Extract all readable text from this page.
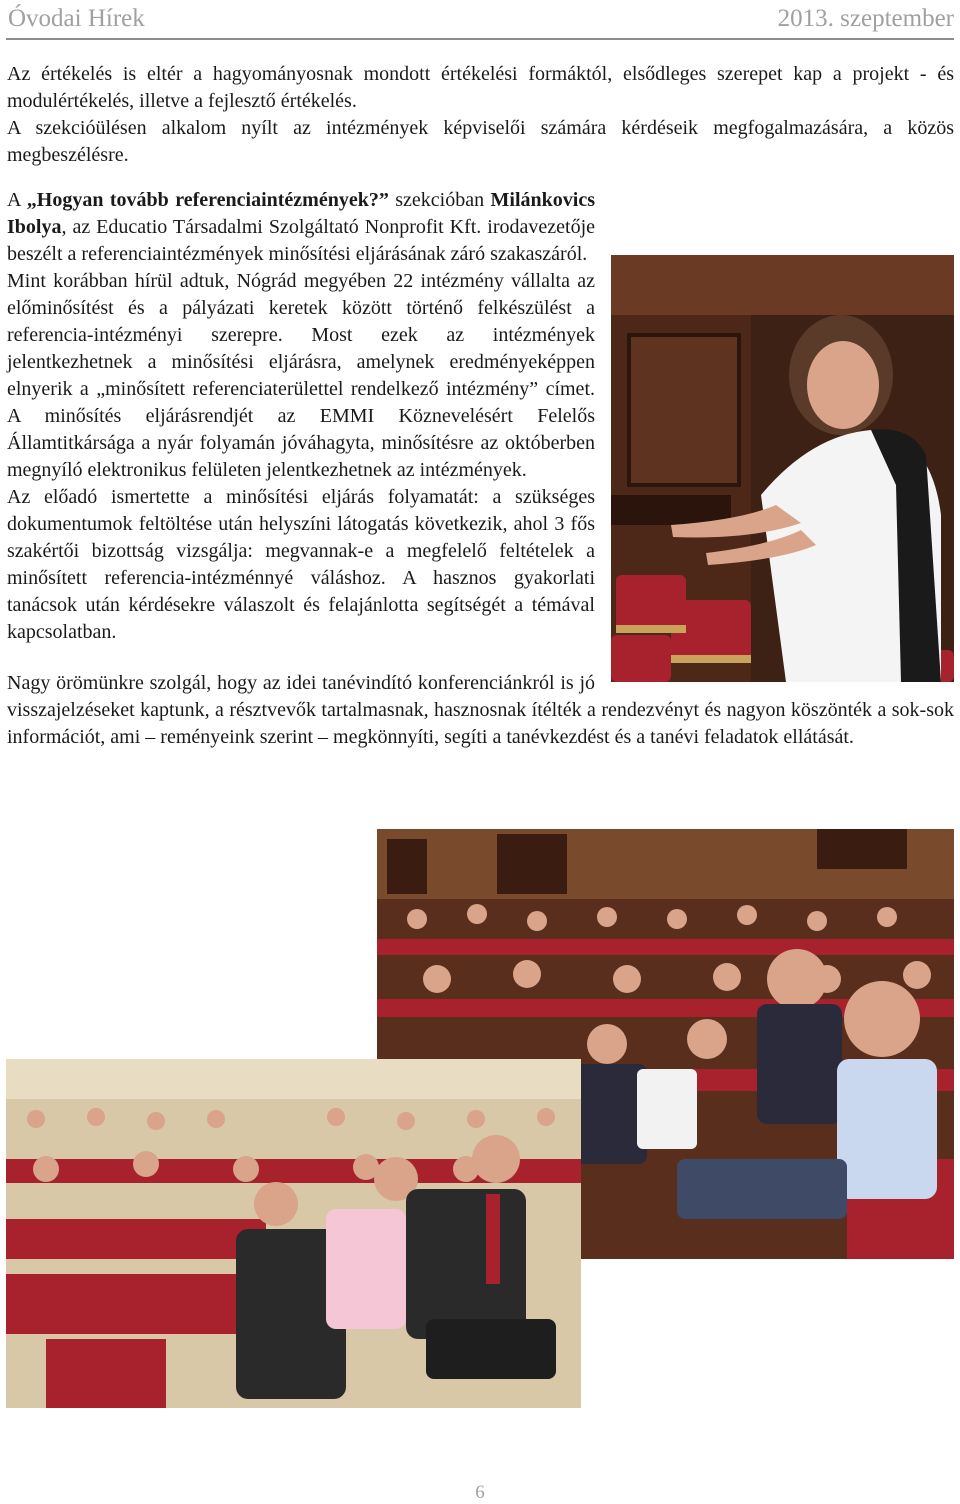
Óvodai Hírek	2013. szeptember

Az értékelés is eltér a hagyományosnak mondott értékelési formáktól, elsődleges szerepet kap a projekt - és modulértékelés, illetve a fejlesztő értékelés.

A szekcióülésen alkalom nyílt az intézmények képviselői számára kérdéseik megfogalmazására, a közös megbeszélésre.

A „Hogyan tovább referenciaintézmények?” szekcióban Milánkovics Ibolya, az Educatio Társadalmi Szolgáltató Nonprofit Kft. irodavezetője beszélt a referenciaintézmények minősítési eljárásának záró szakaszáról.

Mint korábban hírül adtuk, Nógrád megyében 22 intézmény vállalta az előminősítést és a pályázati keretek között történő felkészülést a referencia-intézményi szerepre. Most ezek az intézmények jelentkezhetnek a minősítési eljárásra, amelynek eredményeképpen elnyerik a „minősített referenciaterülettel rendelkező intézmény” címet. A minősítés eljárásrendjét az EMMI Köznevelésért Felelős Államtitkársága a nyár folyamán jóváhagyta, minősítésre az októberben megnyíló elektronikus felületen jelentkezhetnek az intézmények.

Az előadó ismertette a minősítési eljárás folyamatát: a szükséges dokumentumok feltöltése után helyszíni látogatás következik, ahol 3 fős szakértői bizottság vizsgálja: megvannak-e a megfelelő feltételek a minősített referencia-intézménnyé váláshoz. A hasznos gyakorlati tanácsok után kérdésekre válaszolt és felajánlotta segítségét a témával kapcsolatban.

Nagy örömünkre szolgál, hogy az idei tanévindító konferenciánkról is jó visszajelzéseket kaptunk, a résztvevők tartalmasnak, hasznosnak ítélték a rendezvényt és nagyon köszönték a sok-sok információt, ami – reményeink szerint – megkönnyíti, segíti a tanévkezdést és a tanévi feladatok ellátását.

6
